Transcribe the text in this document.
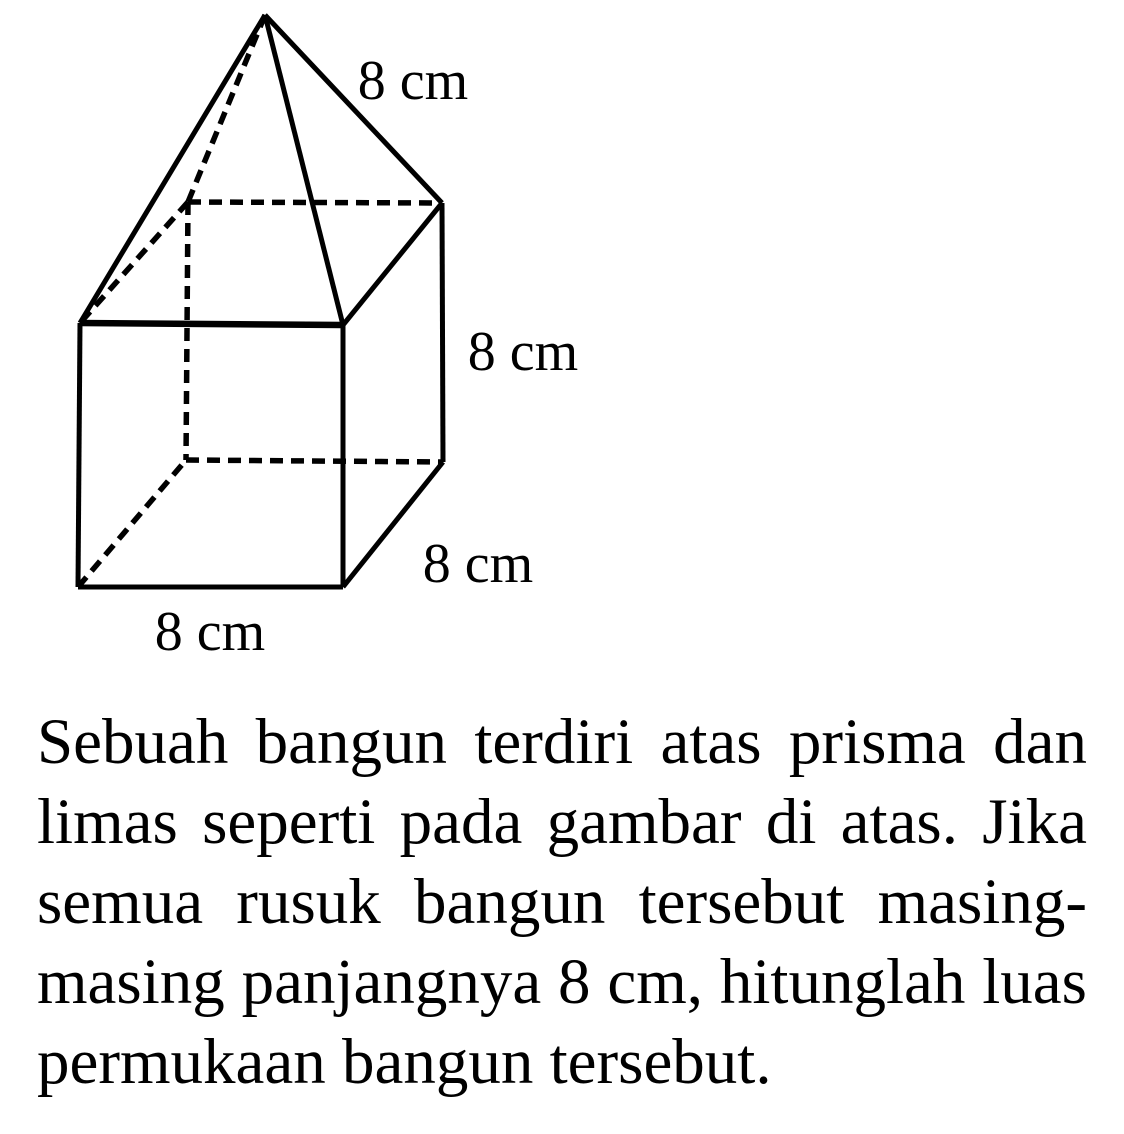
8 cm
8 cm
8 cm
8 cm
Sebuah bangun terdiri atas prisma dan
limas seperti pada gambar di atas. Jika
semua rusuk bangun tersebut masing-
masing panjangnya 8 cm, hitunglah luas
permukaan bangun tersebut.
